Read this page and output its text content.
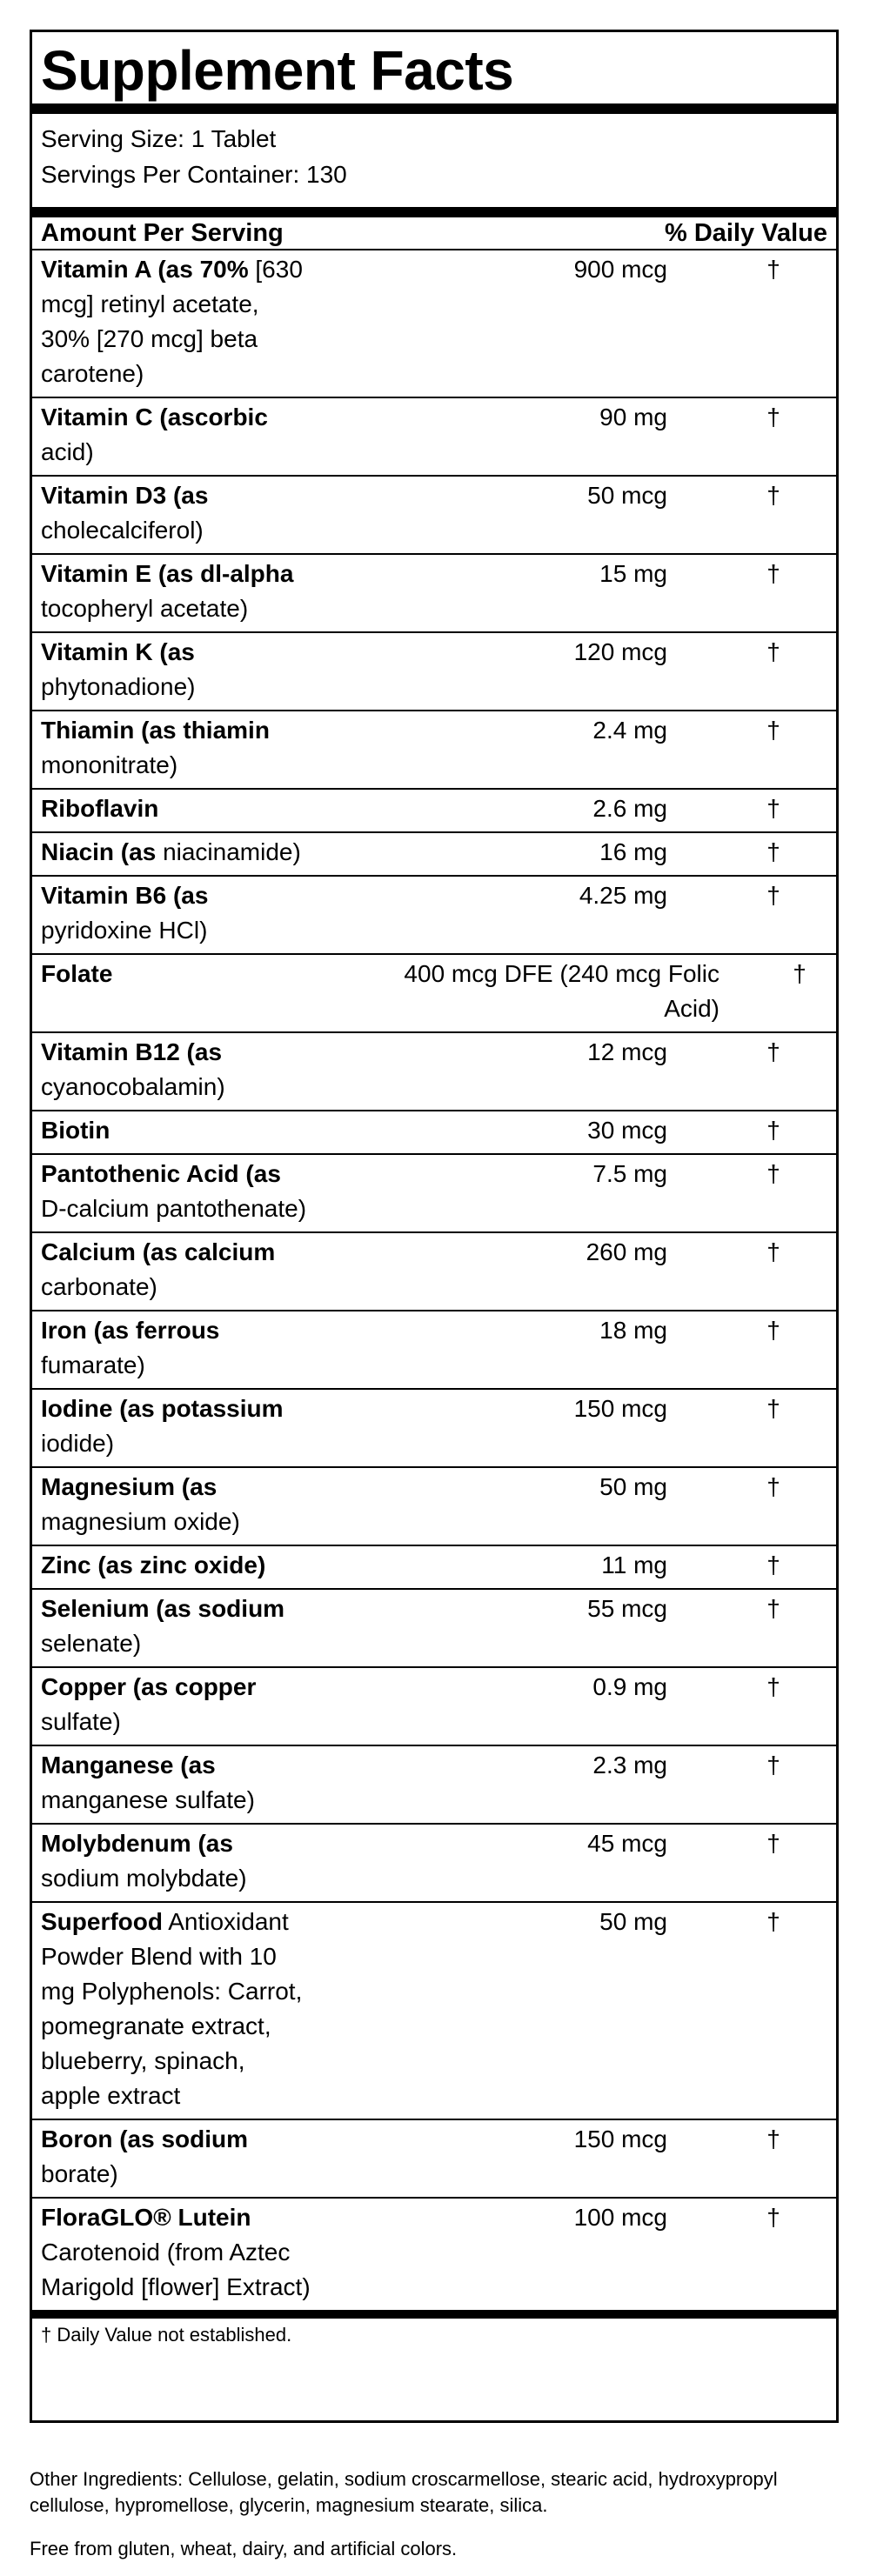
Supplement Facts
Serving Size: 1 Tablet
Servings Per Container: 130
Amount Per Serving	% Daily Value
Vitamin A (as 70% [630 mcg] retinyl acetate, 30% [270 mcg] beta carotene)
900 mcg	†
Vitamin C (ascorbic acid)
90 mg	†
Vitamin D3 (as cholecalciferol)
50 mcg	†
Vitamin E (as dl-alpha tocopheryl acetate)
15 mg	†
Vitamin K (as phytonadione)
120 mcg	†
Thiamin (as thiamin mononitrate)
2.4 mg	†
Riboflavin	2.6 mg	†
Niacin (as niacinamide)	16 mg	†
Vitamin B6 (as pyridoxine HCl)
4.25 mg	†
Folate	400 mcg DFE (240 mcg Folic Acid)
†
Vitamin B12 (as cyanocobalamin)
12 mcg	†
Biotin	30 mcg	†
Pantothenic Acid (as D-calcium pantothenate)
7.5 mg	†
Calcium (as calcium carbonate)
260 mg	†
Iron (as ferrous fumarate)
18 mg	†
Iodine (as potassium iodide)
150 mcg	†
Magnesium (as magnesium oxide)
50 mg	†
Zinc (as zinc oxide)	11 mg	†
Selenium (as sodium selenate)
55 mcg	†
Copper (as copper sulfate)
0.9 mg	†
Manganese (as manganese sulfate)
2.3 mg	†
Molybdenum (as sodium molybdate)
45 mcg	†
Superfood Antioxidant Powder Blend with 10 mg Polyphenols: Carrot, pomegranate extract, blueberry, spinach, apple extract
50 mg	†
Boron (as sodium borate)
150 mcg	†
FloraGLO® Lutein Carotenoid (from Aztec Marigold [flower] Extract)
100 mcg	†
† Daily Value not established.
Other Ingredients: Cellulose, gelatin, sodium croscarmellose, stearic acid, hydroxypropyl cellulose, hypromellose, glycerin, magnesium stearate, silica.
Free from gluten, wheat, dairy, and artificial colors.
